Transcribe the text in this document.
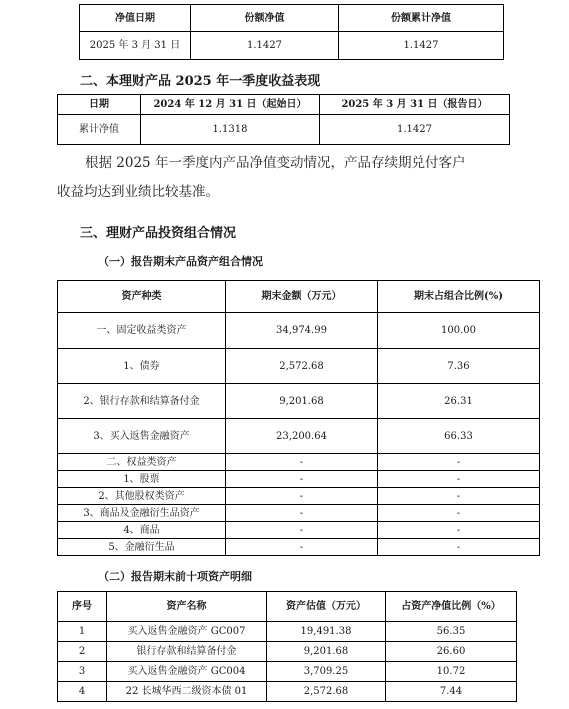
净值日期	份额净值	份额累计净值
2025 年 3 月 31 日	1.1427	1.1427
二、本理财产品 2025 年一季度收益表现
日期	2024 年 12 月 31 日（起始日）	2025 年 3 月 31 日（报告日）
累计净值	1.1318	1.1427
根据 2025 年一季度内产品净值变动情况，产品存续期兑付客户
收益均达到业绩比较基准。
三、理财产品投资组合情况
（一）报告期末产品资产组合情况
资产种类	期末金额（万元）	期末占组合比例(%)
一、固定收益类资产	34,974.99	100.00
1、债券	2,572.68	7.36
2、银行存款和结算备付金	9,201.68	26.31
3、买入返售金融资产	23,200.64	66.33
二、权益类资产	-	-
1、股票	-	-
2、其他股权类资产	-	-
3、商品及金融衍生品资产	-	-
4、商品	-	-
5、金融衍生品	-	-
（二）报告期末前十项资产明细
序号	资产名称	资产估值（万元）	占资产净值比例（%）
1	买入返售金融资产 GC007	19,491.38	56.35
2	银行存款和结算备付金	9,201.68	26.60
3	买入返售金融资产 GC004	3,709.25	10.72
4	22 长城华西二级资本债 01	2,572.68	7.44
